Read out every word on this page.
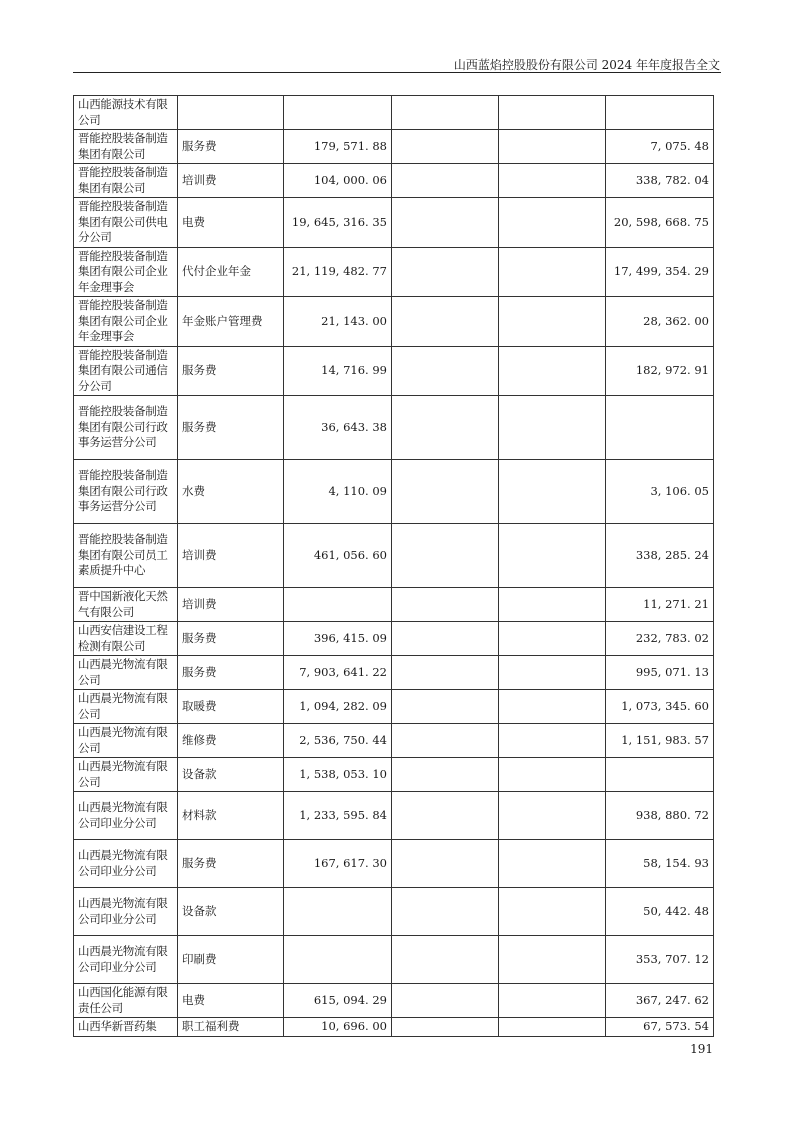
山西蓝焰控股股份有限公司 2024 年年度报告全文
山西能源技术有限公司					
晋能控股装备制造集团有限公司	服务费	179, 571. 88			7, 075. 48
晋能控股装备制造集团有限公司	培训费	104, 000. 06			338, 782. 04
晋能控股装备制造集团有限公司供电分公司	电费	19, 645, 316. 35			20, 598, 668. 75
晋能控股装备制造集团有限公司企业年金理事会	代付企业年金	21, 119, 482. 77			17, 499, 354. 29
晋能控股装备制造集团有限公司企业年金理事会	年金账户管理费	21, 143. 00			28, 362. 00
晋能控股装备制造集团有限公司通信分公司	服务费	14, 716. 99			182, 972. 91
晋能控股装备制造集团有限公司行政事务运营分公司	服务费	36, 643. 38			
晋能控股装备制造集团有限公司行政事务运营分公司	水费	4, 110. 09			3, 106. 05
晋能控股装备制造集团有限公司员工素质提升中心	培训费	461, 056. 60			338, 285. 24
晋中国新液化天然气有限公司	培训费				11, 271. 21
山西安信建设工程检测有限公司	服务费	396, 415. 09			232, 783. 02
山西晨光物流有限公司	服务费	7, 903, 641. 22			995, 071. 13
山西晨光物流有限公司	取暖费	1, 094, 282. 09			1, 073, 345. 60
山西晨光物流有限公司	维修费	2, 536, 750. 44			1, 151, 983. 57
山西晨光物流有限公司	设备款	1, 538, 053. 10			
山西晨光物流有限公司印业分公司	材料款	1, 233, 595. 84			938, 880. 72
山西晨光物流有限公司印业分公司	服务费	167, 617. 30			58, 154. 93
山西晨光物流有限公司印业分公司	设备款				50, 442. 48
山西晨光物流有限公司印业分公司	印刷费				353, 707. 12
山西国化能源有限责任公司	电费	615, 094. 29			367, 247. 62
山西华新晋药集	职工福利费	10, 696. 00			67, 573. 54
191
